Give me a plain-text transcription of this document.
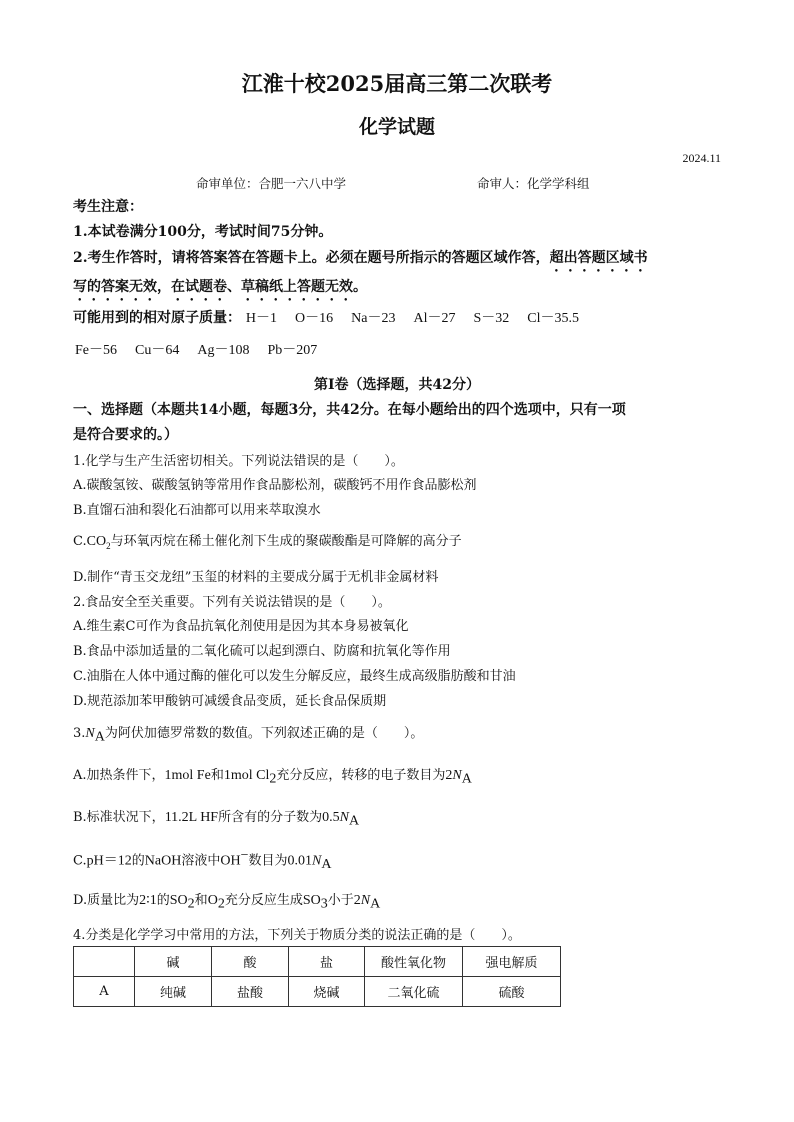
江淮十校2025届高三第二次联考
化学试题
2024.11
命审单位：合肥一六八中学	命审人：化学学科组
考生注意：
1.本试卷满分100分，考试时间75分钟。
2.考生作答时，请将答案答在答题卡上。必须在题号所指示的答题区域作答，超出答题区域书
写的答案无效，在试题卷、草稿纸上答题无效。
可能用到的相对原子质量： H－1 O－16 Na－23 Al－27 S－32 Cl－35.5
Fe－56 Cu－64 Ag－108 Pb－207
第Ⅰ卷（选择题，共42分）
一、选择题（本题共14小题，每题3分，共42分。在每小题给出的四个选项中，只有一项
是符合要求的。）
1.化学与生产生活密切相关。下列说法错误的是（　　）。
A.碳酸氢铵、碳酸氢钠等常用作食品膨松剂，碳酸钙不用作食品膨松剂
B.直馏石油和裂化石油都可以用来萃取溴水
$C.CO_2$与环氧丙烷在稀土催化剂下生成的聚碳酸酯是可降解的高分子
D.制作“青玉交龙纽”玉玺的材料的主要成分属于无机非金属材料
2.食品安全至关重要。下列有关说法错误的是（　　）。
A.维生素C可作为食品抗氧化剂使用是因为其本身易被氧化
B.食品中添加适量的二氧化硫可以起到漂白、防腐和抗氧化等作用
C.油脂在人体中通过酶的催化可以发生分解反应，最终生成高级脂肪酸和甘油
D.规范添加苯甲酸钠可减缓食品变质，延长食品保质期
$3.N_A$为阿伏加德罗常数的数值。下列叙述正确的是（　　）。
A.加热条件下，1mol Fe和1mol $Cl_2$充分反应，转移的电子数目为$2N_A$
B.标准状况下，11.2L HF所含有的分子数为$0.5N_A$
C.pH＝12的NaOH溶液中OH−数目为$0.01N_A$
D.质量比为2∶1的$SO_2$和$O_2$充分反应生成$SO_3$小于$2N_A$
4.分类是化学学习中常用的方法，下列关于物质分类的说法正确的是（　　）。
	碱	酸	盐	酸性氧化物	强电解质
A	纯碱	盐酸	烧碱	二氧化硫	硫酸
